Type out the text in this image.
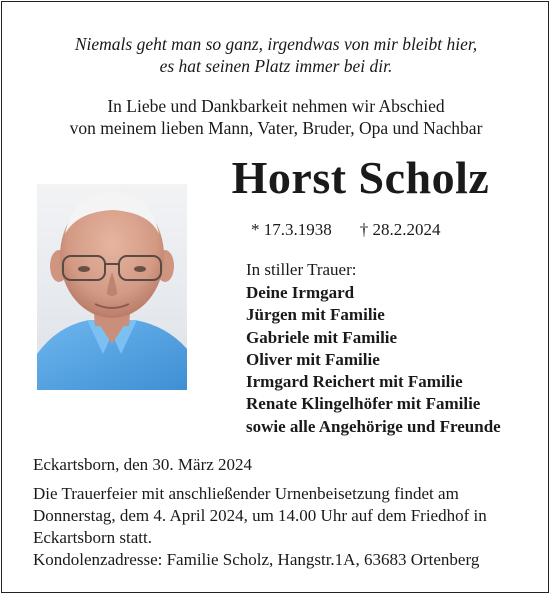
Niemals geht man so ganz, irgendwas von mir bleibt hier,
es hat seinen Platz immer bei dir.
In Liebe und Dankbarkeit nehmen wir Abschied
von meinem lieben Mann, Vater, Bruder, Opa und Nachbar
Horst Scholz
* 17.3.1938 † 28.2.2024
In stiller Trauer:
Deine Irmgard
Jürgen mit Familie
Gabriele mit Familie
Oliver mit Familie
Irmgard Reichert mit Familie
Renate Klingelhöfer mit Familie
sowie alle Angehörige und Freunde
Eckartsborn, den 30. März 2024
Die Trauerfeier mit anschließender Urnenbeisetzung findet am
Donnerstag, dem 4. April 2024, um 14.00 Uhr auf dem Friedhof in
Eckartsborn statt.
Kondolenzadresse: Familie Scholz, Hangstr.1A, 63683 Ortenberg
